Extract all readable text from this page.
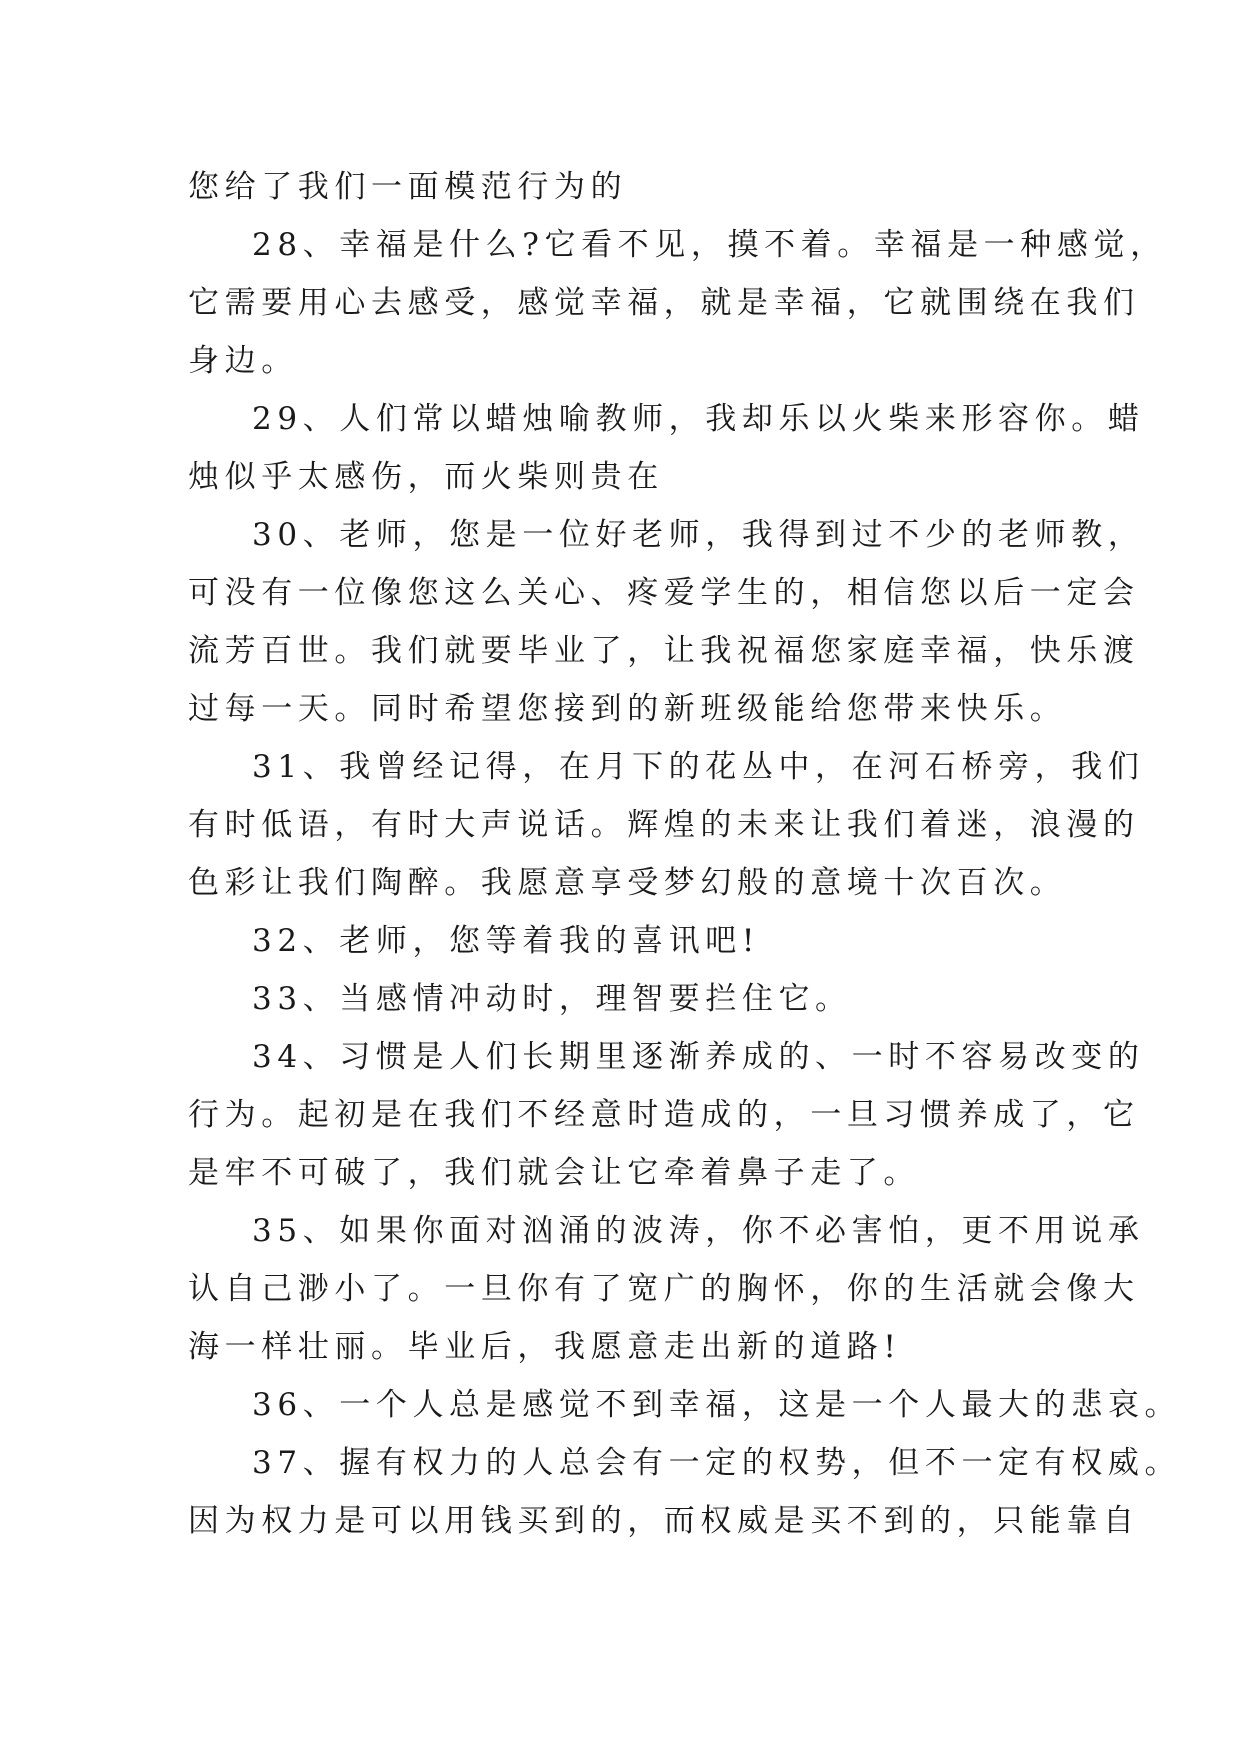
您给了我们一面模范行为的
28、幸福是什么?它看不见，摸不着。幸福是一种感觉，
它需要用心去感受，感觉幸福，就是幸福，它就围绕在我们
身边。
29、人们常以蜡烛喻教师，我却乐以火柴来形容你。蜡
烛似乎太感伤，而火柴则贵在
30、老师，您是一位好老师，我得到过不少的老师教，
可没有一位像您这么关心、疼爱学生的，相信您以后一定会
流芳百世。我们就要毕业了，让我祝福您家庭幸福，快乐渡
过每一天。同时希望您接到的新班级能给您带来快乐。
31、我曾经记得，在月下的花丛中，在河石桥旁，我们
有时低语，有时大声说话。辉煌的未来让我们着迷，浪漫的
色彩让我们陶醉。我愿意享受梦幻般的意境十次百次。
32、老师，您等着我的喜讯吧!
33、当感情冲动时，理智要拦住它。
34、习惯是人们长期里逐渐养成的、一时不容易改变的
行为。起初是在我们不经意时造成的，一旦习惯养成了，它
是牢不可破了，我们就会让它牵着鼻子走了。
35、如果你面对汹涌的波涛，你不必害怕，更不用说承
认自己渺小了。一旦你有了宽广的胸怀，你的生活就会像大
海一样壮丽。毕业后，我愿意走出新的道路!
36、一个人总是感觉不到幸福，这是一个人最大的悲哀。
37、握有权力的人总会有一定的权势，但不一定有权威。
因为权力是可以用钱买到的，而权威是买不到的，只能靠自
